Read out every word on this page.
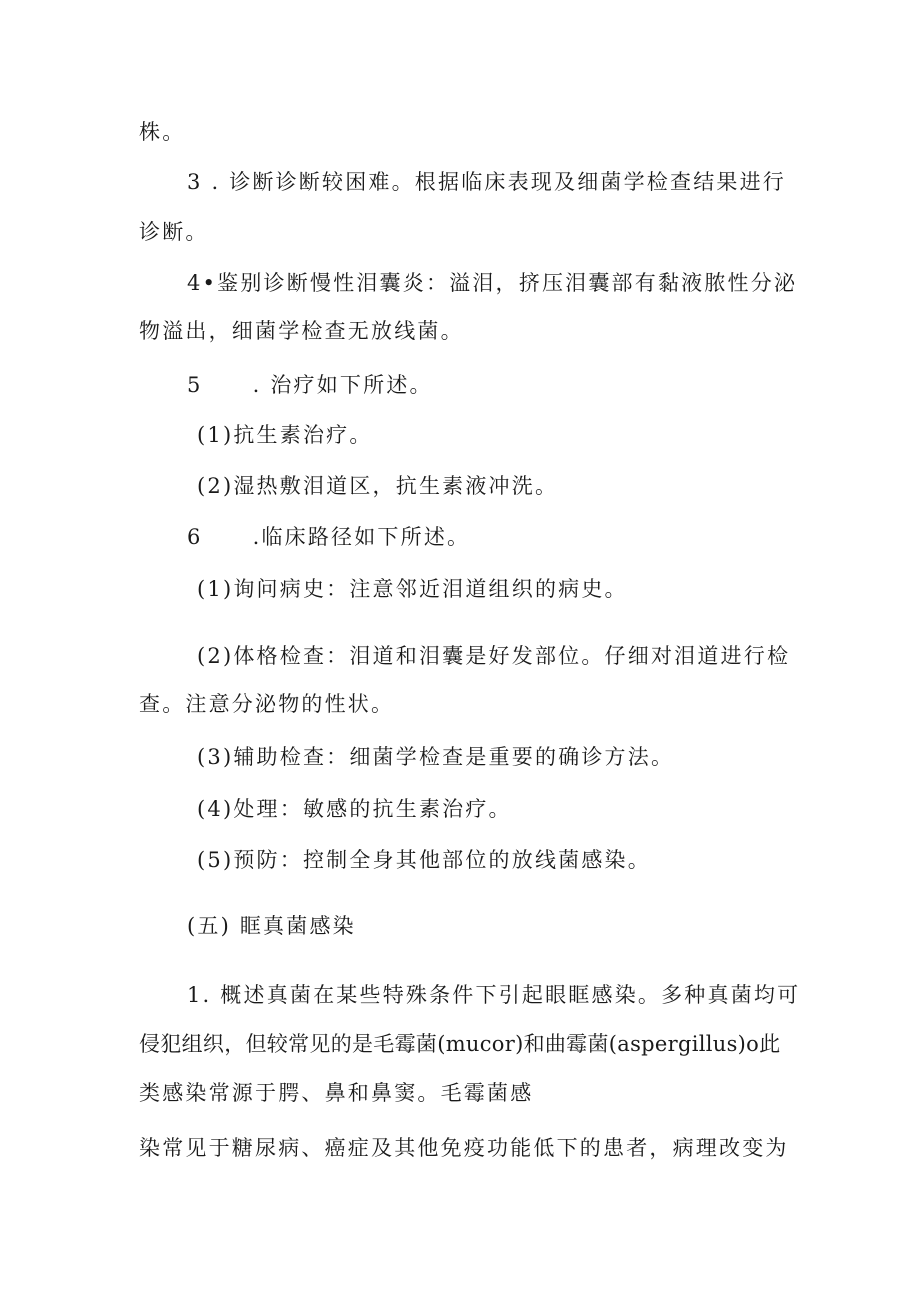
株。
3 . 诊断诊断较困难。根据临床表现及细菌学检查结果进行
诊断。
4•鉴别诊断慢性泪囊炎：溢泪，挤压泪囊部有黏液脓性分泌
物溢出，细菌学检查无放线菌。
5 . 治疗如下所述。
(1)抗生素治疗。
(2)湿热敷泪道区，抗生素液冲洗。
6 .临床路径如下所述。
(1)询问病史：注意邻近泪道组织的病史。
(2)体格检查：泪道和泪囊是好发部位。仔细对泪道进行检
查。注意分泌物的性状。
(3)辅助检查：细菌学检查是重要的确诊方法。
(4)处理：敏感的抗生素治疗。
(5)预防：控制全身其他部位的放线菌感染。
(五) 眶真菌感染
1. 概述真菌在某些特殊条件下引起眼眶感染。多种真菌均可
侵犯组织，但较常见的是毛霉菌(mucor)和曲霉菌(aspergillus)o此
类感染常源于腭、鼻和鼻窦。毛霉菌感
染常见于糖尿病、癌症及其他免疫功能低下的患者，病理改变为
